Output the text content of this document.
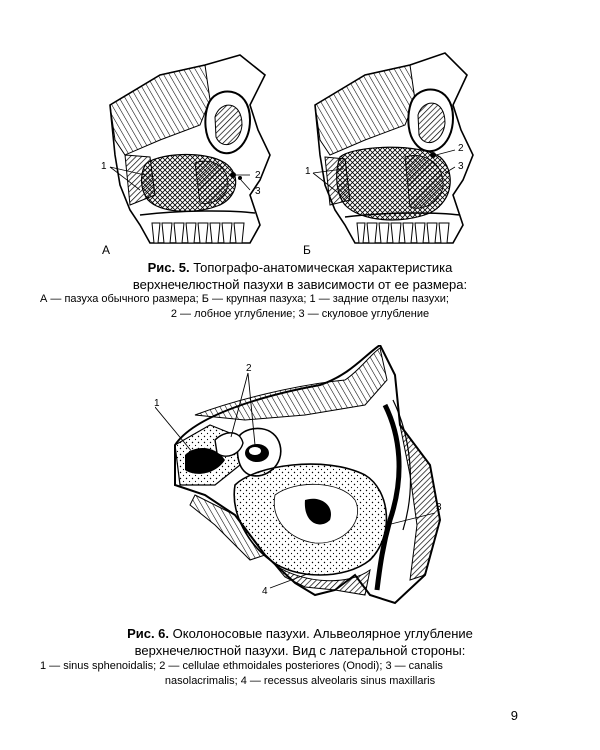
1
2
3
А
1
2
3
Б
Рис. 5. Топографо-анатомическая характеристика
верхнечелюстной пазухи в зависимости от ее размера:
А — пазуха обычного размера; Б — крупная пазуха; 1 — задние отделы пазухи;
2 — лобное углубление; 3 — скуловое углубление
1
2
3
4
Рис. 6. Околоносовые пазухи. Альвеолярное углубление
верхнечелюстной пазухи. Вид с латеральной стороны:
1 — sinus sphenoidalis; 2 — cellulae ethmoidales posteriores (Onodi); 3 — canalis
nasolacrimalis; 4 — recessus alveolaris sinus maxillaris
9
